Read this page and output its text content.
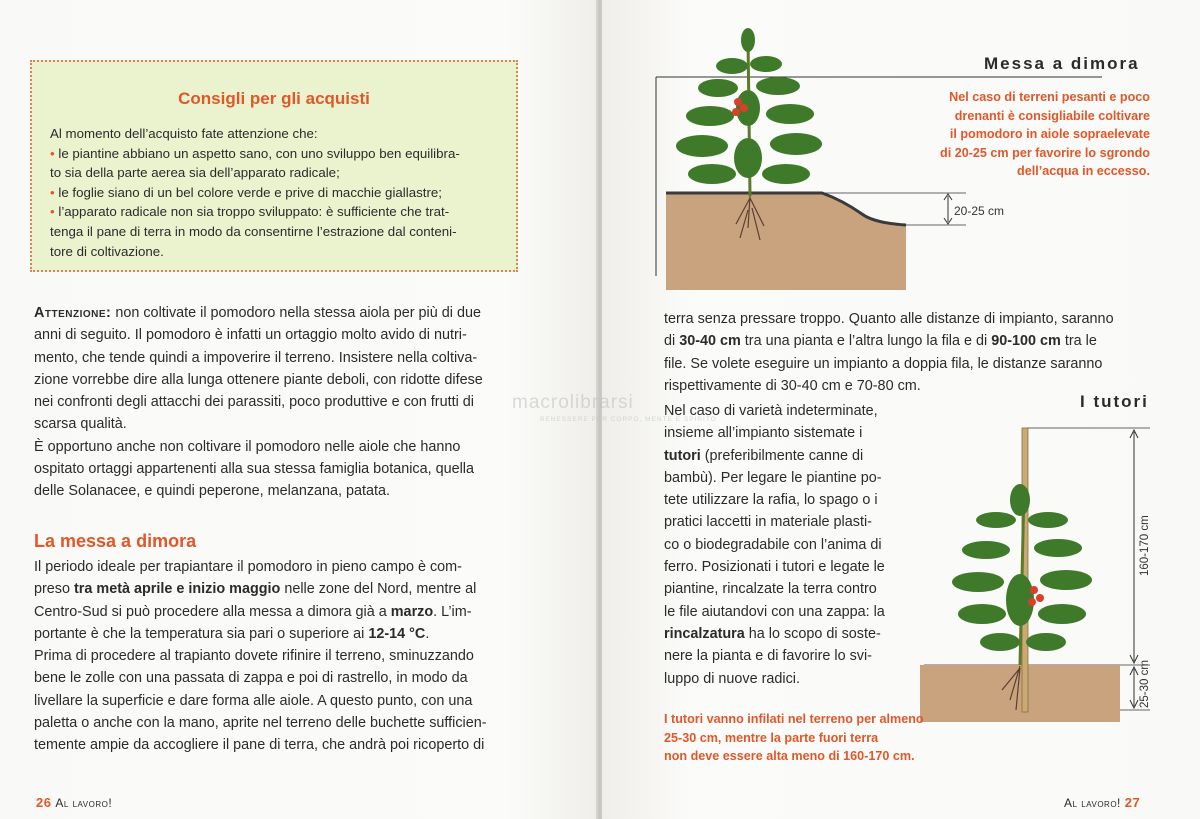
Consigli per gli acquisti
Al momento dell’acquisto fate attenzione che:
• le piantine abbiano un aspetto sano, con uno sviluppo ben equilibra-
to sia della parte aerea sia dell’apparato radicale;
• le foglie siano di un bel colore verde e prive di macchie giallastre;
• l’apparato radicale non sia troppo sviluppato: è sufficiente che trat-
tenga il pane di terra in modo da consentirne l’estrazione dal conteni-
tore di coltivazione.
Attenzione: non coltivate il pomodoro nella stessa aiola per più di due
anni di seguito. Il pomodoro è infatti un ortaggio molto avido di nutri-
mento, che tende quindi a impoverire il terreno. Insistere nella coltiva-
zione vorrebbe dire alla lunga ottenere piante deboli, con ridotte difese
nei confronti degli attacchi dei parassiti, poco produttive e con frutti di
scarsa qualità.
È opportuno anche non coltivare il pomodoro nelle aiole che hanno
ospitato ortaggi appartenenti alla sua stessa famiglia botanica, quella
delle Solanacee, e quindi peperone, melanzana, patata.
La messa a dimora
Il periodo ideale per trapiantare il pomodoro in pieno campo è com-
preso tra metà aprile e inizio maggio nelle zone del Nord, mentre al
Centro-Sud si può procedere alla messa a dimora già a marzo. L’im-
portante è che la temperatura sia pari o superiore ai 12-14 °C.
Prima di procedere al trapianto dovete rifinire il terreno, sminuzzando
bene le zolle con una passata di zappa e poi di rastrello, in modo da
livellare la superficie e dare forma alle aiole. A questo punto, con una
paletta o anche con la mano, aprite nel terreno delle buchette sufficien-
temente ampie da accogliere il pane di terra, che andrà poi ricoperto di
26 Al lavoro!
Messa a dimora
Nel caso di terreni pesanti e poco
drenanti è consigliabile coltivare
il pomodoro in aiole sopraelevate
di 20-25 cm per favorire lo sgrondo
dell’acqua in eccesso.
20-25 cm
terra senza pressare troppo. Quanto alle distanze di impianto, saranno
di 30-40 cm tra una pianta e l’altra lungo la fila e di 90-100 cm tra le
file. Se volete eseguire un impianto a doppia fila, le distanze saranno
rispettivamente di 30-40 cm e 70-80 cm.
I tutori
Nel caso di varietà indeterminate,
insieme all’impianto sistemate i
tutori (preferibilmente canne di
bambù). Per legare le piantine po-
tete utilizzare la rafia, lo spago o i
pratici laccetti in materiale plasti-
co o biodegradabile con l’anima di
ferro. Posizionati i tutori e legate le
piantine, rincalzate la terra contro
le file aiutandovi con una zappa: la
rincalzatura ha lo scopo di soste-
nere la pianta e di favorire lo svi-
luppo di nuove radici.
160-170 cm
25-30 cm
I tutori vanno infilati nel terreno per almeno
25-30 cm, mentre la parte fuori terra
non deve essere alta meno di 160-170 cm.
Al lavoro! 27
macrolibrarsi
BENESSERE PER CORPO, MENTE E SPIRITO
